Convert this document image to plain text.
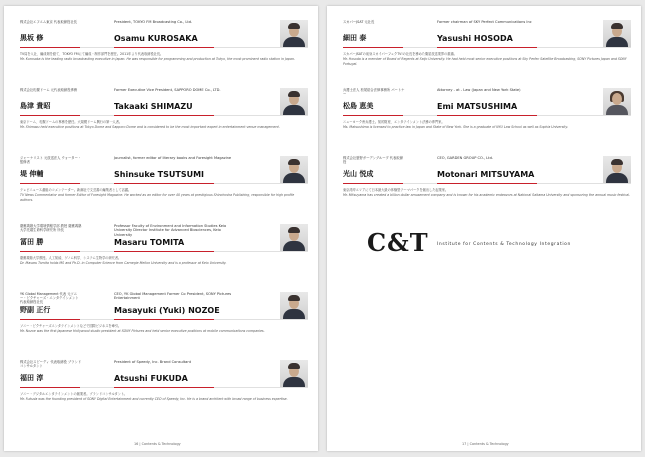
株式会社エフエム東京 代表取締役社長
黒坂 修
President, TOKYO FM Broadcasting Co., Ltd.
Osamu KUROSAKA
TV局を入社、編成畑を経て、TOKYO FMにて編成・制作部門を歴任。2011年より代表取締役社長。
Mr. Kurosaka is the leading radio broadcasting executive in Japan. He was responsible for programming and production at Tokyo, the most prominent radio station in Japan.
株式会社札幌ドーム 元代表取締役専務
島津 貴昭
Former Executive Vice President, SAPPORO DOME Co., LTD.
Takaaki SHIMAZU
東京ドーム、札幌ドームの専務を歴任。大規模ドーム興行の第一人者。
Mr. Shimazu held executive positions at Tokyo Dome and Sapporo Dome and is considered to be the most important expert in entertainment venue management.
ジャーナリスト 元放送法人 ウォーター・監修者
堤 伸輔
Journalist, former editor of literary books and Foresight Magazine
Shinsuke TSUTSUMI
テレビニュース番組のコメンテーター。新潮社で文芸書の編集者として活躍。
TV News Commentator and former Editor of Foresight Magazine. He worked as an editor for over 40 years at prestigious Shinchosha Publishing, responsible for high profile authors.
慶應義塾大学環境情報学部 教授 慶應義塾大学先端生命科学研究所 所長
冨田 勝
Professor Faculty of Environment and Information Studies Keio University Director Institute for Advanced Biosciences, Keio University
Masaru TOMITA
慶應義塾大学教授。人工知能、ゲノム科学、システム生物学の研究者。
Dr. Masaru Tomita holds MS and Ph.D. in Computer Science from Carnegie Mellon University and is a professor at Keio University.
YK Global Management 代表 元ソニー・ピクチャーズ・エンタテインメント 代表取締役社長
野副 正行
CEO, YK Global Management Former Co President, SONY Pictures Entertainment
Masayuki (Yuki) NOZOE
ソニー・ピクチャーズエンタテインメントなどで国際ビジネスを牽引。
Mr. Nozoe was the first Japanese Hollywood studio president at SONY Pictures and held senior executive positions at mobile communications companies.
株式会社スピーディ 代表取締役 ブランドコンサルタント
福田 淳
President of Speedy, Inc. Brand Consultant
Atsushi FUKUDA
ソニー・デジタルエンタテインメントの創業者。ブランドコンサルタント。
Mr. Fukuda was the founding president of SONY Digital Entertainment and currently CEO of Speedy, Inc. He is a brand architect with broad range of business expertise.
16 | Contents & Technology
スカパーJSAT 元社長
細田 泰
Former chairman of SKY Perfect Communications Inc
Yasushi HOSODA
スカパーJSATの前身スカイパーフェクTV!の社長を務めた衛星放送業界の重鎮。
Mr. Hosoda is a member of Board of Regents at Seijo University. He had held most senior executive positions at Sky Perfec Satellite Broadcasting, SONY Pictures Japan and SONY Portugal.
弁護士法人 松尾総合法律事務所 パートナー
松島 恵美
Attorney - at - Law (Japan and New York State)
Emi MATSUSHIMA
ニューヨーク州弁護士。知的財産、エンタテインメント法務の専門家。
Ms. Matsushima is licensed to practice law in Japan and State of New York. She is a graduate of NYU Law School as well as Sophia University.
株式会社夏野ガーデングループ 代表取締役
光山 悦成
CEO, GARDEN GROUP CO., Ltd.
Motonari MITSUYAMA
東京湾岸エリアにて日本最大級の体験型テーマパークを創出した起業家。
Mr. Mitsuyama has created a billion dollar amusement company and is known for his academic endeavors at National Saitama University and sponsoring the annual music festival.
C&T Institute for Contents & Technology Integration
17 | Contents & Technology
